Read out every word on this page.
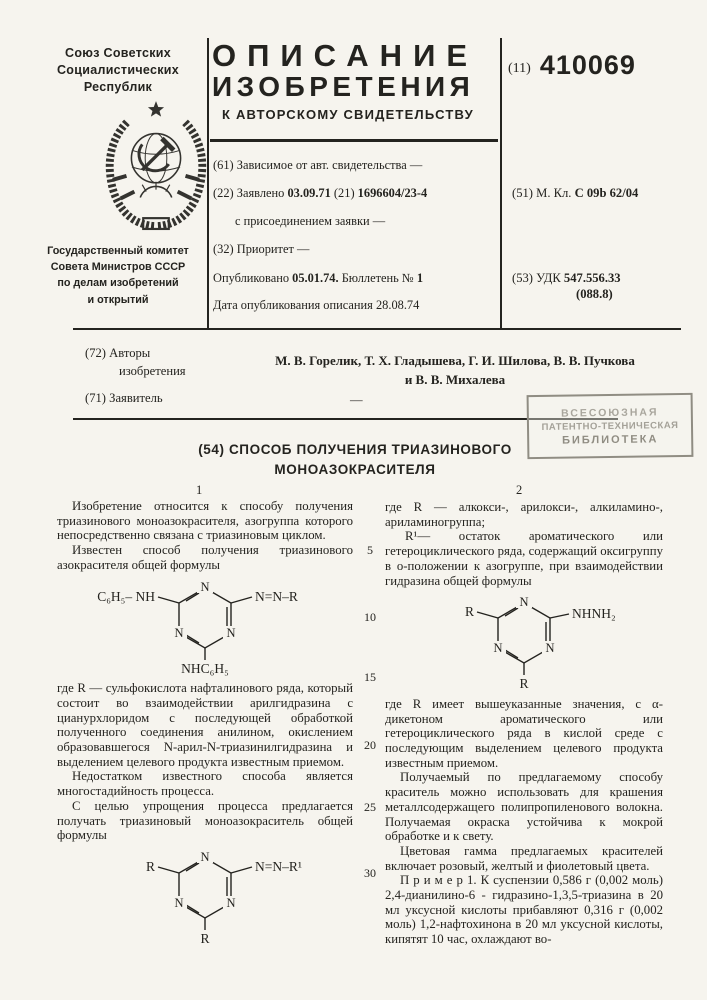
Союз Советских
Социалистических
Республик
Государственный комитет
Совета Министров СССР
по делам изобретений
и открытий
ОПИСАНИЕ
ИЗОБРЕТЕНИЯ
К АВТОРСКОМУ СВИДЕТЕЛЬСТВУ
(61) Зависимое от авт. свидетельства —
(22) Заявлено 03.09.71 (21) 1696604/23-4
с присоединением заявки —
(32) Приоритет —
Опубликовано 05.01.74. Бюллетень № 1
Дата опубликования описания 28.08.74
(11) 410069
(51) М. Кл. С 09b 62/04
(53) УДК 547.556.33
(088.8)
(72) Авторы
изобретения
М. В. Горелик, Т. Х. Гладышева, Г. И. Шилова, В. В. Пучкова
и В. В. Михалева
(71) Заявитель	—
ВСЕСОЮЗНАЯ
ПАТЕНТНО-ТЕХНИЧЕСКАЯ
БИБЛИОТЕКА
(54) СПОСОБ ПОЛУЧЕНИЯ ТРИАЗИНОВОГО
МОНОАЗОКРАСИТЕЛЯ
1	2
5
10
15
20
25
30

Изобретение относится к способу получения триазинового моноазокрасителя, азогруппа которого непосредственно связана с триазиновым циклом.

Известен способ получения триазинового азокрасителя общей формулы

N
N	N
C₆H₅– NH	N=N–R
NHC₆H₅

где R — сульфокислота нафталинового ряда, который состоит во взаимодействии арилгидразина с цианурхлоридом с последующей обработкой полученного соединения анилином, окислением образовавшегося N-арил-N-триазинилгидразина и выделением целевого продукта известным приемом.

Недостатком известного способа является многостадийность процесса.

С целью упрощения процесса предлагается получать триазиновый моноазокраситель общей формулы

N
N	N
R	N=N–R¹
R

где R — алкокси-, арилокси-, алкиламино-, ариламиногруппа;

R¹— остаток ароматического или гетероциклического ряда, содержащий оксигруппу в о-положении к азогруппе, при взаимодействии гидразина общей формулы

N
N	N
R	NHNH₂
R

где R имеет вышеуказанные значения, с α-дикетоном ароматического или гетероциклического ряда в кислой среде с последующим выделением целевого продукта известным приемом.

Получаемый по предлагаемому способу краситель можно использовать для крашения металлсодержащего полипропиленового волокна. Получаемая окраска устойчива к мокрой обработке и к свету.

Цветовая гамма предлагаемых красителей включает розовый, желтый и фиолетовый цвета.

П р и м е р 1. К суспензии 0,586 г (0,002 моль) 2,4-дианилино-6 - гидразино-1,3,5-триазина в 20 мл уксусной кислоты прибавляют 0,316 г (0,002 моль) 1,2-нафтохинона в 20 мл уксусной кислоты, кипятят 10 час, охлаждают во-
